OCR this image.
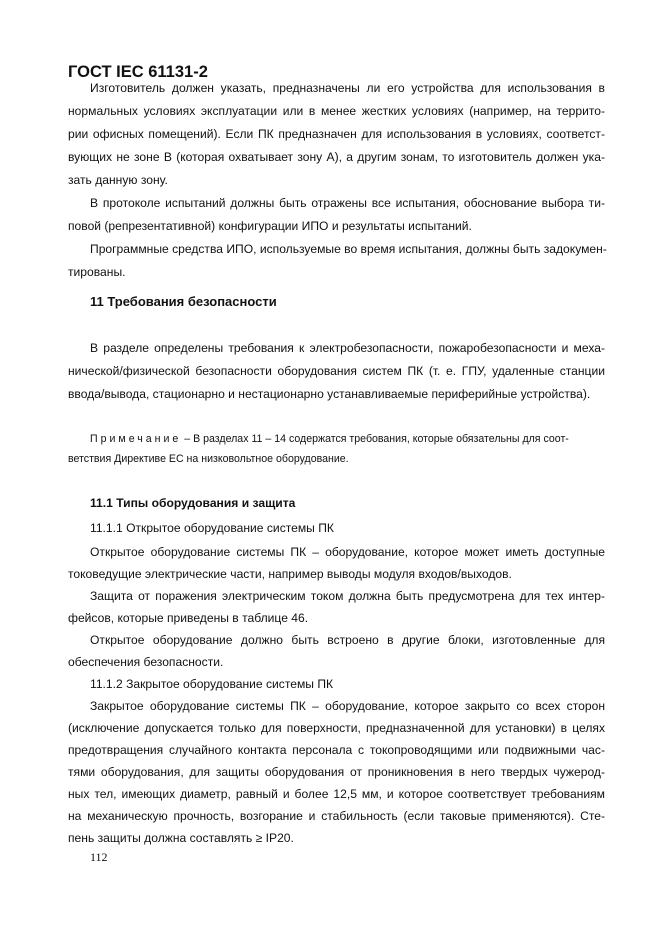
ГОСТ IEC 61131-2
Изготовитель должен указать, предназначены ли его устройства для использования в
нормальных условиях эксплуатации или в менее жестких условиях (например, на террито-
рии офисных помещений). Если ПК предназначен для использования в условиях, соответст-
вующих не зоне В (которая охватывает зону А), а другим зонам, то изготовитель должен ука-
зать данную зону.
В протоколе испытаний должны быть отражены все испытания, обоснование выбора ти-
повой (репрезентативной) конфигурации ИПО и результаты испытаний.
Программные средства ИПО, используемые во время испытания, должны быть задокумен-
тированы.
11 Требования безопасности
В разделе определены требования к электробезопасности, пожаробезопасности и меха-
нической/физической безопасности оборудования систем ПК (т. е. ГПУ, удаленные станции
ввода/вывода, стационарно и нестационарно устанавливаемые периферийные устройства).
Примечание – В разделах 11 – 14 содержатся требования, которые обязательны для соот-
ветствия Директиве ЕС на низковольтное оборудование.
11.1 Типы оборудования и защита
11.1.1 Открытое оборудование системы ПК
Открытое оборудование системы ПК – оборудование, которое может иметь доступные
токоведущие электрические части, например выводы модуля входов/выходов.
Защита от поражения электрическим током должна быть предусмотрена для тех интер-
фейсов, которые приведены в таблице 46.
Открытое оборудование должно быть встроено в другие блоки, изготовленные для
обеспечения безопасности.
11.1.2 Закрытое оборудование системы ПК
Закрытое оборудование системы ПК – оборудование, которое закрыто со всех сторон
(исключение допускается только для поверхности, предназначенной для установки) в целях
предотвращения случайного контакта персонала с токопроводящими или подвижными час-
тями оборудования, для защиты оборудования от проникновения в него твердых чужерод-
ных тел, имеющих диаметр, равный и более 12,5 мм, и которое соответствует требованиям
на механическую прочность, возгорание и стабильность (если таковые применяются). Сте-
пень защиты должна составлять ≥ IP20.
112
